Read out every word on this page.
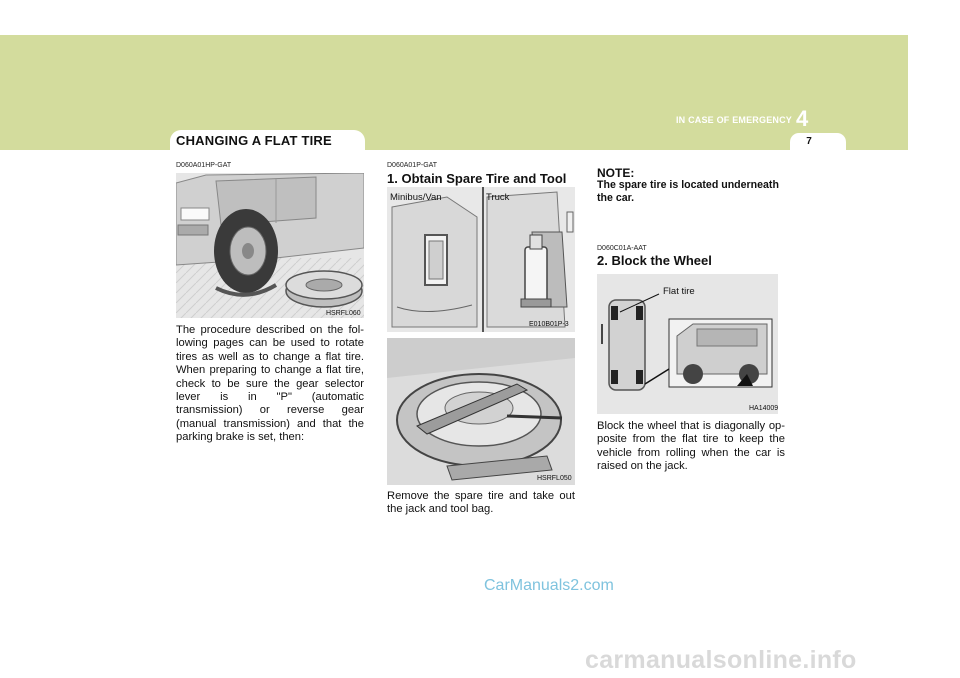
IN CASE OF EMERGENCY 4
7
CHANGING A FLAT TIRE
D060A01HP-GAT
HSRFL060
The procedure described on the fol-lowing pages can be used to rotate tires as well as to change a flat tire. When preparing to change a flat tire, check to be sure the gear selector lever is in "P" (automatic transmission) or reverse gear (manual transmission) and that the parking brake is set, then:
D060A01P-GAT
1. Obtain Spare Tire and Tool
Minibus/Van	Truck
E010B01P-3
HSRFL050
Remove the spare tire and take out the jack and tool bag.
NOTE:
The spare tire is located underneath the car.
D060C01A-AAT
2. Block the Wheel
Flat tire
HA14009
Block the wheel that is diagonally op-posite from the flat tire to keep the vehicle from rolling when the car is raised on the jack.
CarManuals2.com
carmanualsonline.info
